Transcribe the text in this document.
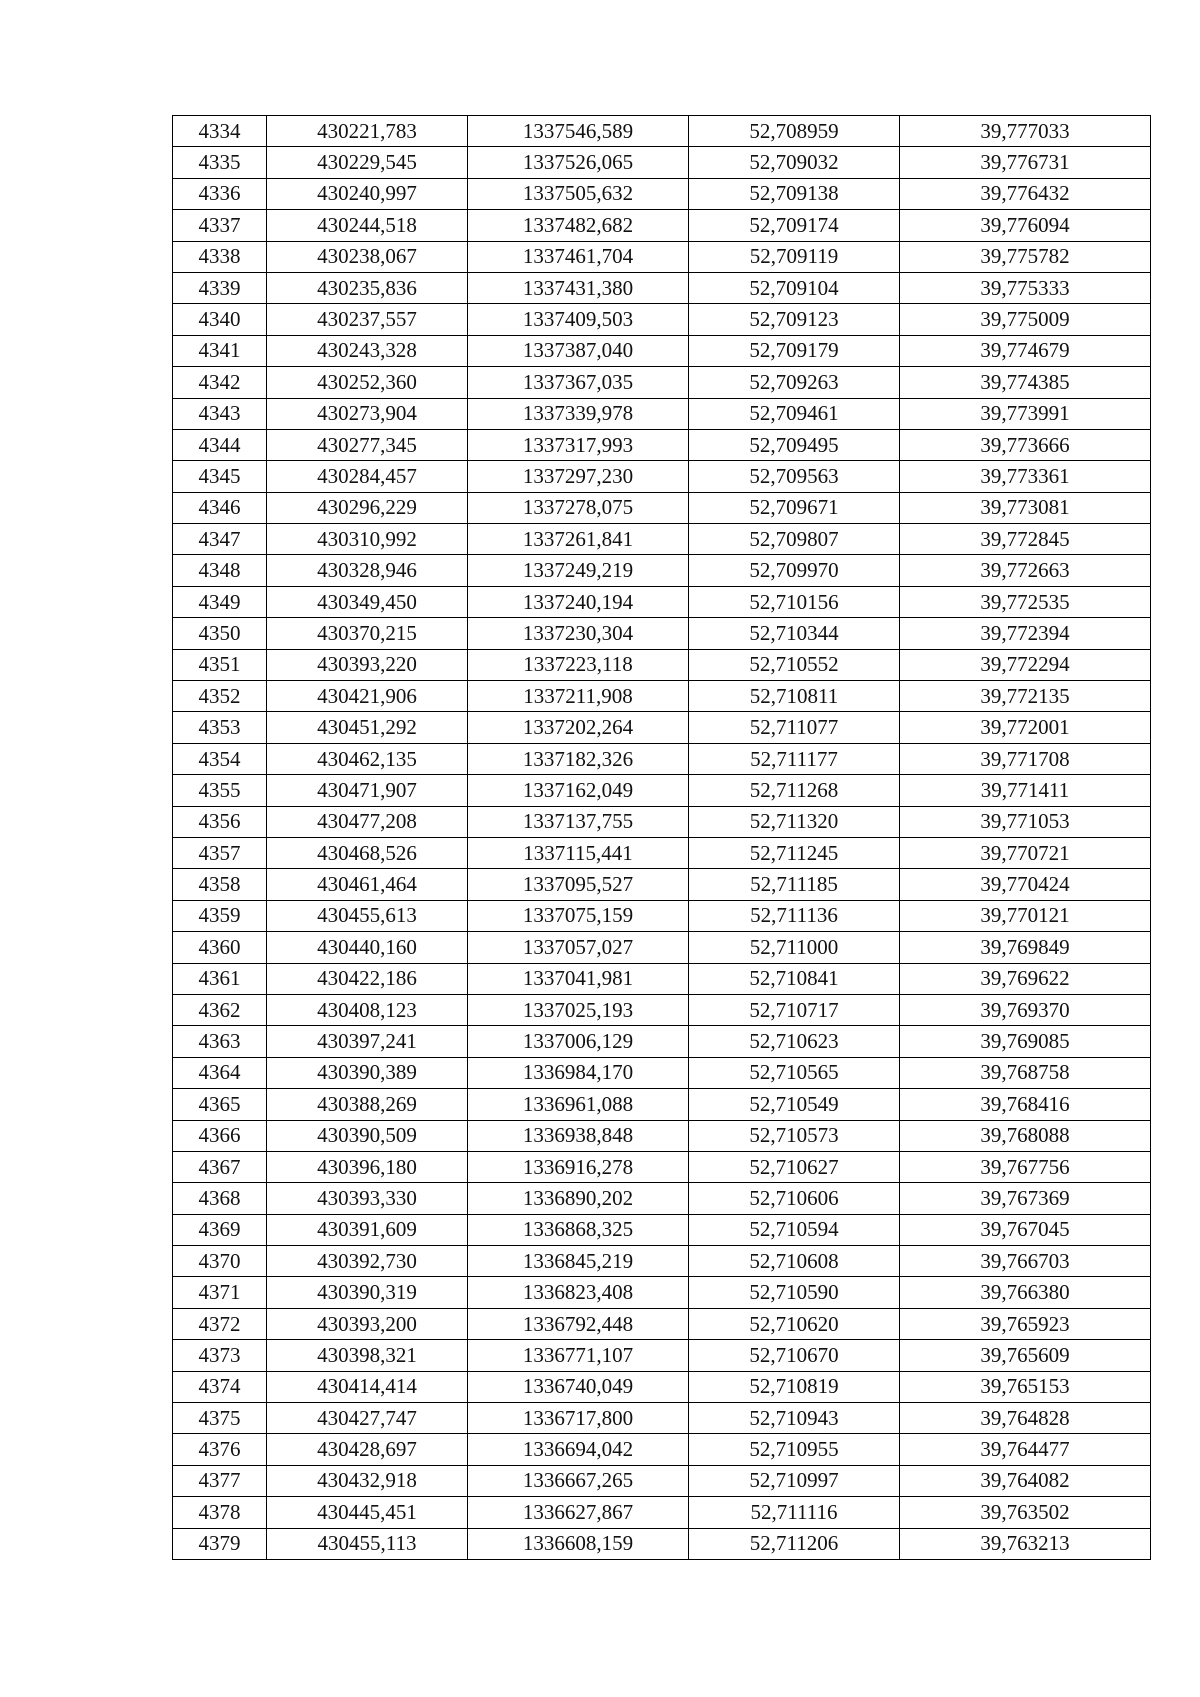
4334	430221,783	1337546,589	52,708959	39,777033
4335	430229,545	1337526,065	52,709032	39,776731
4336	430240,997	1337505,632	52,709138	39,776432
4337	430244,518	1337482,682	52,709174	39,776094
4338	430238,067	1337461,704	52,709119	39,775782
4339	430235,836	1337431,380	52,709104	39,775333
4340	430237,557	1337409,503	52,709123	39,775009
4341	430243,328	1337387,040	52,709179	39,774679
4342	430252,360	1337367,035	52,709263	39,774385
4343	430273,904	1337339,978	52,709461	39,773991
4344	430277,345	1337317,993	52,709495	39,773666
4345	430284,457	1337297,230	52,709563	39,773361
4346	430296,229	1337278,075	52,709671	39,773081
4347	430310,992	1337261,841	52,709807	39,772845
4348	430328,946	1337249,219	52,709970	39,772663
4349	430349,450	1337240,194	52,710156	39,772535
4350	430370,215	1337230,304	52,710344	39,772394
4351	430393,220	1337223,118	52,710552	39,772294
4352	430421,906	1337211,908	52,710811	39,772135
4353	430451,292	1337202,264	52,711077	39,772001
4354	430462,135	1337182,326	52,711177	39,771708
4355	430471,907	1337162,049	52,711268	39,771411
4356	430477,208	1337137,755	52,711320	39,771053
4357	430468,526	1337115,441	52,711245	39,770721
4358	430461,464	1337095,527	52,711185	39,770424
4359	430455,613	1337075,159	52,711136	39,770121
4360	430440,160	1337057,027	52,711000	39,769849
4361	430422,186	1337041,981	52,710841	39,769622
4362	430408,123	1337025,193	52,710717	39,769370
4363	430397,241	1337006,129	52,710623	39,769085
4364	430390,389	1336984,170	52,710565	39,768758
4365	430388,269	1336961,088	52,710549	39,768416
4366	430390,509	1336938,848	52,710573	39,768088
4367	430396,180	1336916,278	52,710627	39,767756
4368	430393,330	1336890,202	52,710606	39,767369
4369	430391,609	1336868,325	52,710594	39,767045
4370	430392,730	1336845,219	52,710608	39,766703
4371	430390,319	1336823,408	52,710590	39,766380
4372	430393,200	1336792,448	52,710620	39,765923
4373	430398,321	1336771,107	52,710670	39,765609
4374	430414,414	1336740,049	52,710819	39,765153
4375	430427,747	1336717,800	52,710943	39,764828
4376	430428,697	1336694,042	52,710955	39,764477
4377	430432,918	1336667,265	52,710997	39,764082
4378	430445,451	1336627,867	52,711116	39,763502
4379	430455,113	1336608,159	52,711206	39,763213
